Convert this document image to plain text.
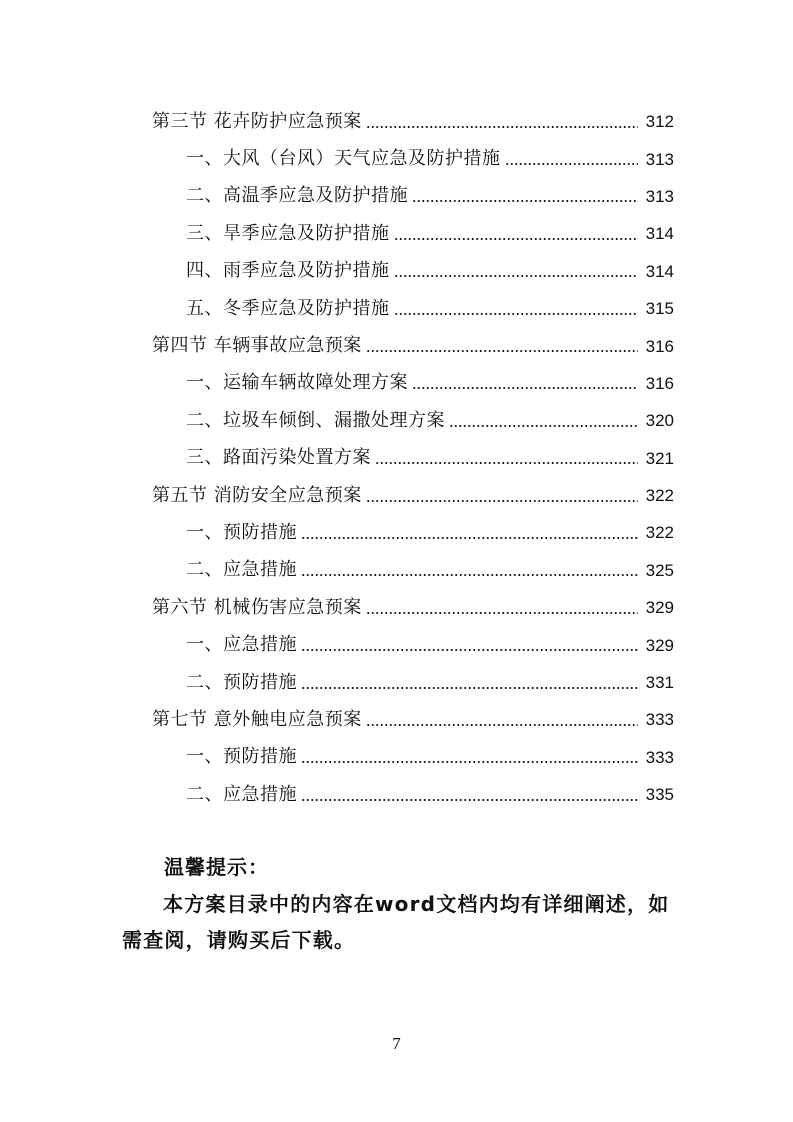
第三节 花卉防护应急预案	312
一、大风（台风）天气应急及防护措施	313
二、高温季应急及防护措施	313
三、旱季应急及防护措施	314
四、雨季应急及防护措施	314
五、冬季应急及防护措施	315
第四节 车辆事故应急预案	316
一、运输车辆故障处理方案	316
二、垃圾车倾倒、漏撒处理方案	320
三、路面污染处置方案	321
第五节 消防安全应急预案	322
一、预防措施	322
二、应急措施	325
第六节 机械伤害应急预案	329
一、应急措施	329
二、预防措施	331
第七节 意外触电应急预案	333
一、预防措施	333
二、应急措施	335
温馨提示：
本方案目录中的内容在word文档内均有详细阐述，如需查阅，请购买后下载。
7
